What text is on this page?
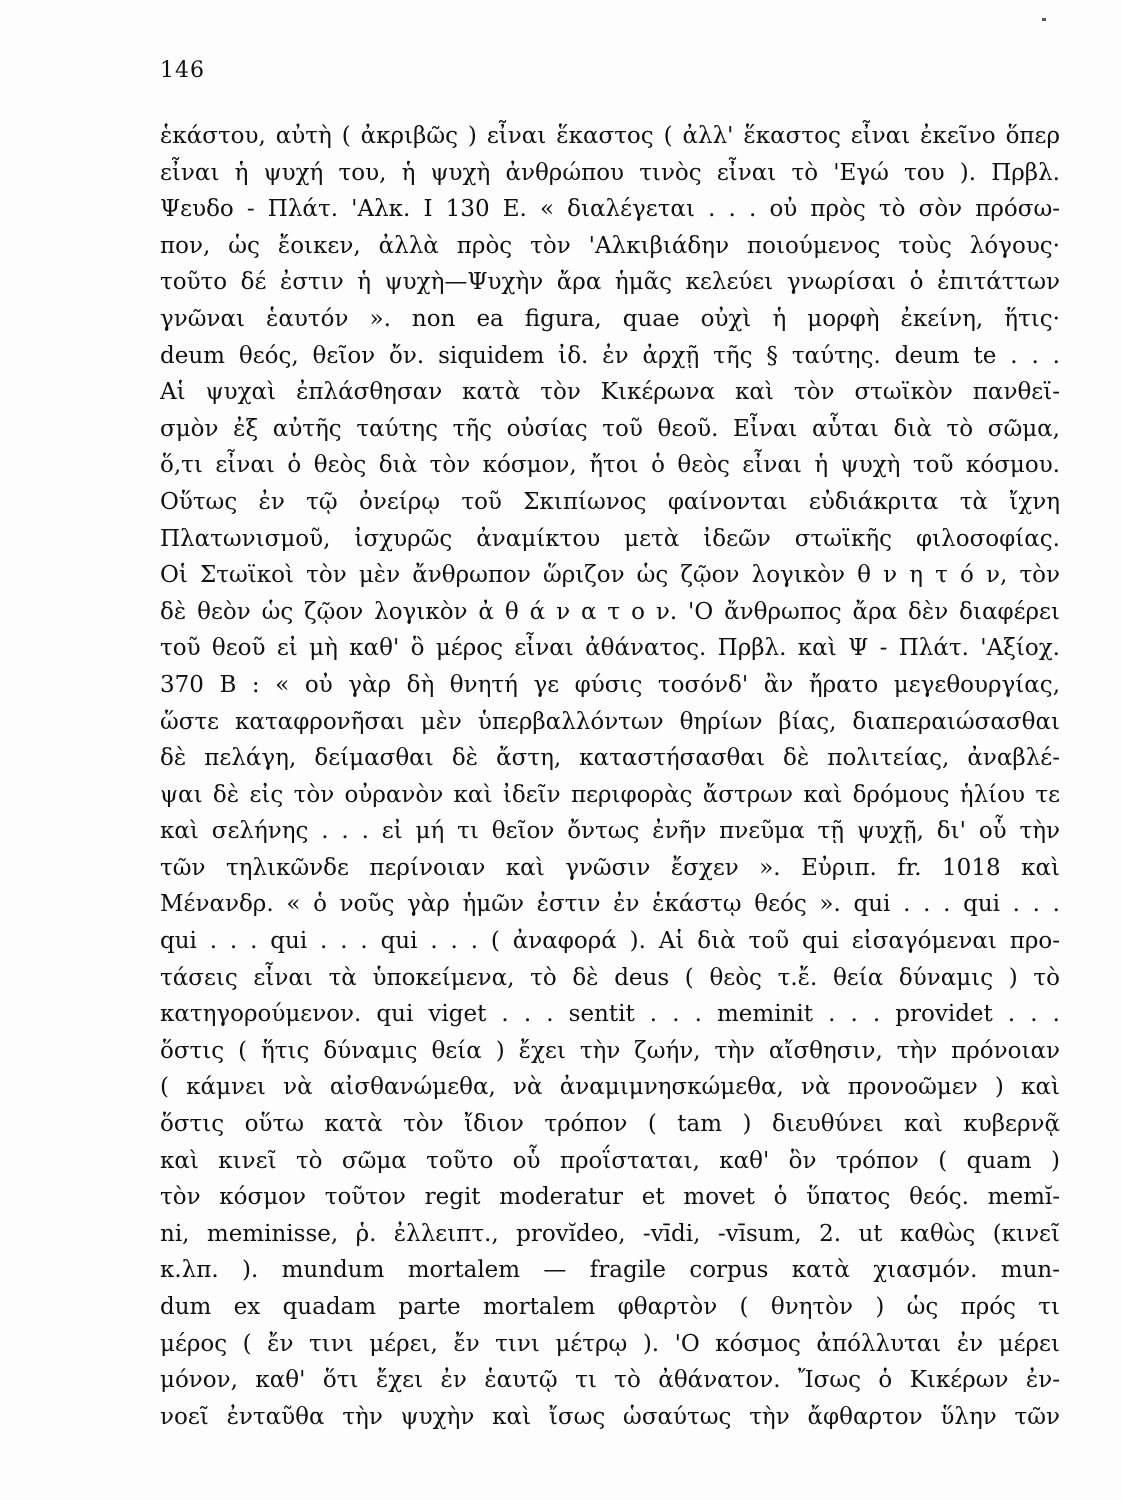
146
ἑκάστου, αὐτὴ ( ἀκριβῶς ) εἶναι ἕκαστος ( ἀλλ' ἕκαστος εἶναι ἐκεῖνο ὅπερ
εἶναι ἡ ψυχή του, ἡ ψυχὴ ἀνθρώπου τινὸς εἶναι τὸ 'Εγώ του ). Πρβλ.
Ψευδο - Πλάτ. 'Αλκ. I 130 E. « διαλέγεται . . . οὐ πρὸς τὸ σὸν πρόσω-
πον, ὡς ἔοικεν, ἀλλὰ πρὸς τὸν 'Αλκιβιάδην ποιούμενος τοὺς λόγους·
τοῦτο δέ ἐστιν ἡ ψυχὴ—Ψυχὴν ἄρα ἡμᾶς κελεύει γνωρίσαι ὁ ἐπιτάττων
γνῶναι ἑαυτόν ». non ea figura, quae οὐχὶ ἡ μορφὴ ἐκείνη, ἥτις·
deum θεός, θεῖον ὄν. siquidem ἰδ. ἐν ἀρχῇ τῆς § ταύτης. deum te . . .
Αἱ ψυχαὶ ἐπλάσθησαν κατὰ τὸν Κικέρωνα καὶ τὸν στωϊκὸν πανθεϊ-
σμὸν ἐξ αὐτῆς ταύτης τῆς οὐσίας τοῦ θεοῦ. Εἶναι αὗται διὰ τὸ σῶμα,
ὅ,τι εἶναι ὁ θεὸς διὰ τὸν κόσμον, ἤτοι ὁ θεὸς εἶναι ἡ ψυχὴ τοῦ κόσμου.
Οὕτως ἐν τῷ ὀνείρῳ τοῦ Σκιπίωνος φαίνονται εὐδιάκριτα τὰ ἴχνη
Πλατωνισμοῦ, ἰσχυρῶς ἀναμίκτου μετὰ ἰδεῶν στωϊκῆς φιλοσοφίας.
Οἱ Στωϊκοὶ τὸν μὲν ἄνθρωπον ὥριζον ὡς ζῷον λογικὸν θ ν η τ ό ν, τὸν
δὲ θεὸν ὡς ζῷον λογικὸν ἀ θ ά ν α τ ο ν. 'Ο ἄνθρωπος ἄρα δὲν διαφέρει
τοῦ θεοῦ εἰ μὴ καθ' ὃ μέρος εἶναι ἀθάνατος. Πρβλ. καὶ Ψ - Πλάτ. 'Αξίοχ.
370 B : « οὐ γὰρ δὴ θνητή γε φύσις τοσόνδ' ἂν ἤρατο μεγεθουργίας,
ὥστε καταφρονῆσαι μὲν ὑπερβαλλόντων θηρίων βίας, διαπεραιώσασθαι
δὲ πελάγη, δείμασθαι δὲ ἄστη, καταστήσασθαι δὲ πολιτείας, ἀναβλέ-
ψαι δὲ εἰς τὸν οὐρανὸν καὶ ἰδεῖν περιφορὰς ἄστρων καὶ δρόμους ἡλίου τε
καὶ σελήνης . . . εἰ μή τι θεῖον ὄντως ἐνῆν πνεῦμα τῇ ψυχῇ, δι' οὗ τὴν
τῶν τηλικῶνδε περίνοιαν καὶ γνῶσιν ἔσχεν ». Εὐριπ. fr. 1018 καὶ
Μένανδρ. « ὁ νοῦς γὰρ ἡμῶν ἐστιν ἐν ἑκάστῳ θεός ». qui . . . qui . . .
qui . . . qui . . . qui . . . ( ἀναφορά ). Αἱ διὰ τοῦ qui εἰσαγόμεναι προ-
τάσεις εἶναι τὰ ὑποκείμενα, τὸ δὲ deus ( θεὸς τ.ἔ. θεία δύναμις ) τὸ
κατηγορούμενον. qui viget . . . sentit . . . meminit . . . providet . . .
ὅστις ( ἥτις δύναμις θεία ) ἔχει τὴν ζωήν, τὴν αἴσθησιν, τὴν πρόνοιαν
( κάμνει νὰ αἰσθανώμεθα, νὰ ἀναμιμνησκώμεθα, νὰ προνοῶμεν ) καὶ
ὅστις οὕτω κατὰ τὸν ἴδιον τρόπον ( tam ) διευθύνει καὶ κυβερνᾷ
καὶ κινεῖ τὸ σῶμα τοῦτο οὗ προΐσταται, καθ' ὃν τρόπον ( quam )
τὸν κόσμον τοῦτον regit moderatur et movet ὁ ὕπατος θεός. memĭ-
ni, meminisse, ῥ. ἐλλειπτ., provĭdeo, -vīdi, -vīsum, 2. ut καθὼς (κινεῖ
κ.λπ. ). mundum mortalem — fragile corpus κατὰ χιασμόν. mun-
dum ex quadam parte mortalem φθαρτὸν ( θνητὸν ) ὡς πρός τι
μέρος ( ἔν τινι μέρει, ἔν τινι μέτρῳ ). 'Ο κόσμος ἀπόλλυται ἐν μέρει
μόνον, καθ' ὅτι ἔχει ἐν ἑαυτῷ τι τὸ ἀθάνατον. Ἴσως ὁ Κικέρων ἐν-
νοεῖ ἐνταῦθα τὴν ψυχὴν καὶ ἴσως ὡσαύτως τὴν ἄφθαρτον ὕλην τῶν
